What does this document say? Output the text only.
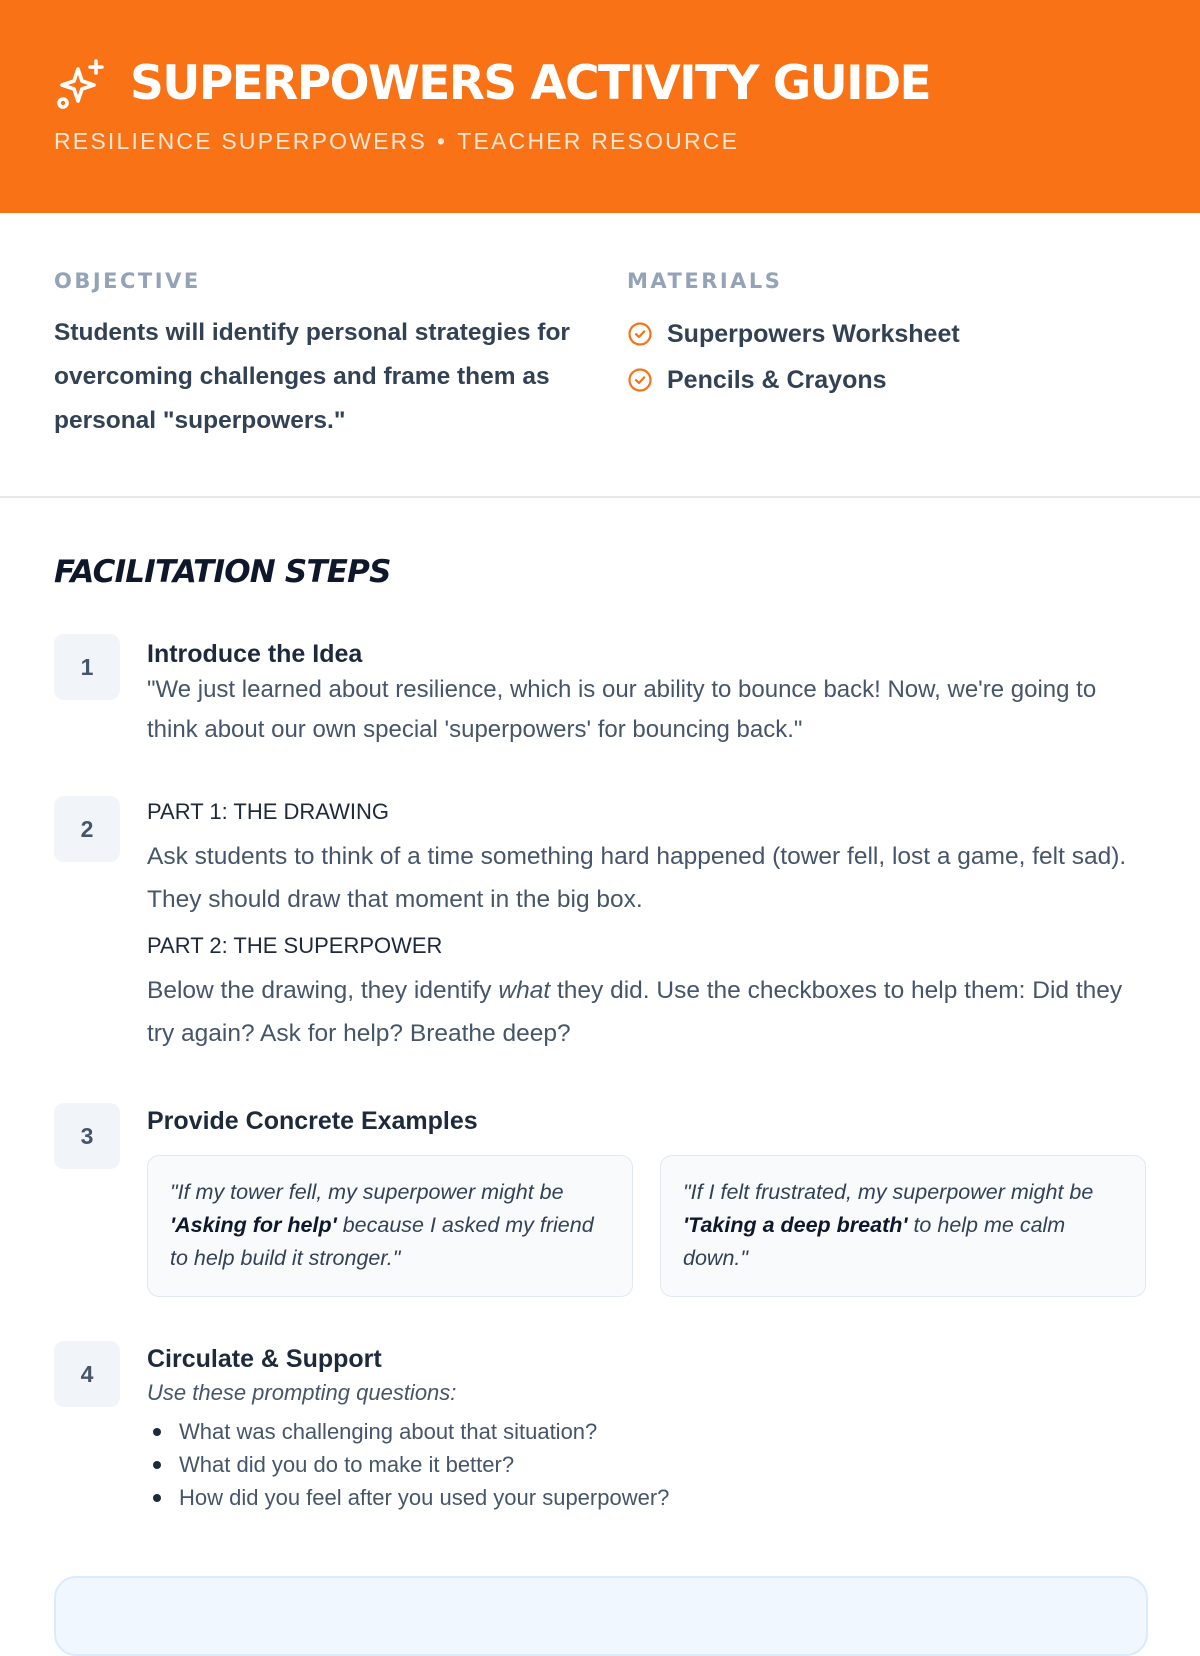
SUPERPOWERS ACTIVITY GUIDE
RESILIENCE SUPERPOWERS • TEACHER RESOURCE
OBJECTIVE

Students will identify personal strategies for overcoming challenges and frame them as personal "superpowers."

MATERIALS
Superpowers Worksheet
Pencils & Crayons
FACILITATION STEPS
1	Introduce the Idea

"We just learned about resilience, which is our ability to bounce back! Now, we're going to think about our own special 'superpowers' for bouncing back."

2
PART 1: THE DRAWING

Ask students to think of a time something hard happened (tower fell, lost a game, felt sad). They should draw that moment in the big box.

PART 2: THE SUPERPOWER

Below the drawing, they identify what they did. Use the checkboxes to help them: Did they try again? Ask for help? Breathe deep?

3
Provide Concrete Examples
"If my tower fell, my superpower might be 'Asking for help' because I asked my friend to help build it stronger."
"If I felt frustrated, my superpower might be 'Taking a deep breath' to help me calm down."
4
Circulate & Support

Use these prompting questions:

What was challenging about that situation?
What did you do to make it better?
How did you feel after you used your superpower?
